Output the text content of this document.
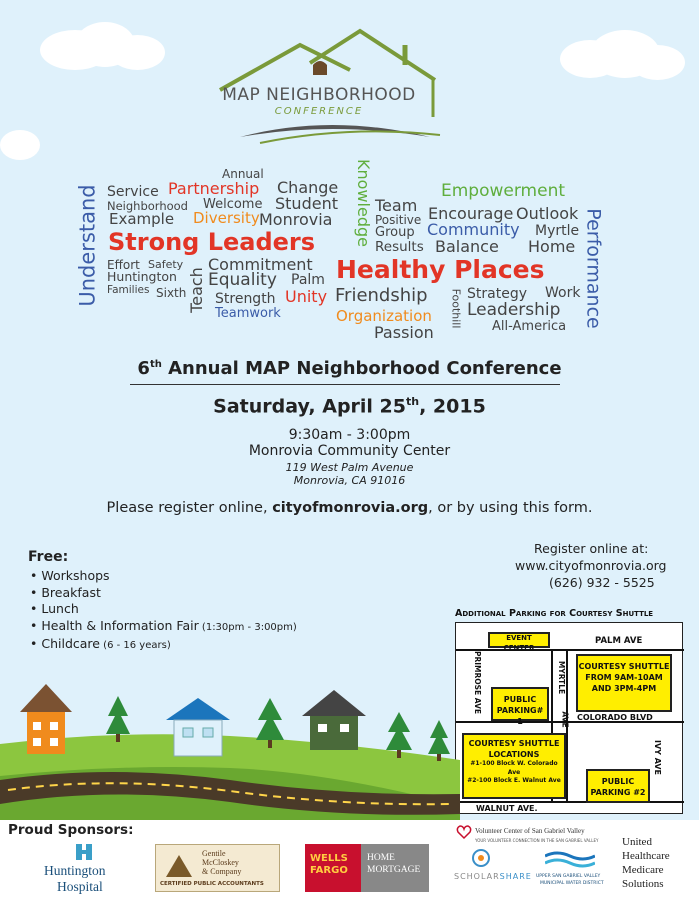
MAP NEIGHBORHOOD
CONFERENCE
Annual
Service Partnership Change
Neighborhood Welcome Student
Example Diversity Monrovia
Strong Leaders
Effort Safety
Huntington
Families Sixth
Commitment
Equality Palm
Strength Unity
Teamwork
Understand	Teach
Knowledge	Empowerment
Team
Positive Encourage Outlook
Group Community Myrtle
Results Balance Home
Healthy Places
Friendship Foothill Strategy Work
Organization Leadership
Passion	All-America Performance
6th Annual MAP Neighborhood Conference
Saturday, April 25th, 2015
9:30am - 3:00pm
Monrovia Community Center
119 West Palm Avenue
Monrovia, CA 91016
Please register online, cityofmonrovia.org, or by using this form.
Free:
• Workshops
• Breakfast
• Lunch
• Health & Information Fair (1:30pm - 3:00pm)
• Childcare (6 - 16 years)
Register online at:
www.cityofmonrovia.org
(626) 932 - 5525
Additional Parking for Courtesy Shuttle
EVENT CENTER
PALM AVE
COURTESY SHUTTLE
FROM 9AM-10AM
AND 3PM-4PM
PRIMROSE AVE	MYRTLE
AVE
PUBLIC
PARKING# 1	COLORADO BLVD
COURTESY SHUTTLE
LOCATIONS
#1-100 Block W. Colorado Ave
#2-100 Block E. Walnut Ave
IVY AVE
PUBLIC
PARKING #2
WALNUT AVE.
Proud Sponsors:
Huntington
Hospital
Gentile
McCloskey
& Company
CERTIFIED PUBLIC ACCOUNTANTS
WELLS
FARGO
HOME
MORTGAGE
Volunteer Center of San Gabriel Valley
YOUR VOLUNTEER CONNECTION IN THE SAN GABRIEL VALLEY
SCHOLARSHARE UPPER SAN GABRIEL VALLEY
MUNICIPAL WATER DISTRICT
United
Healthcare
Medicare
Solutions
